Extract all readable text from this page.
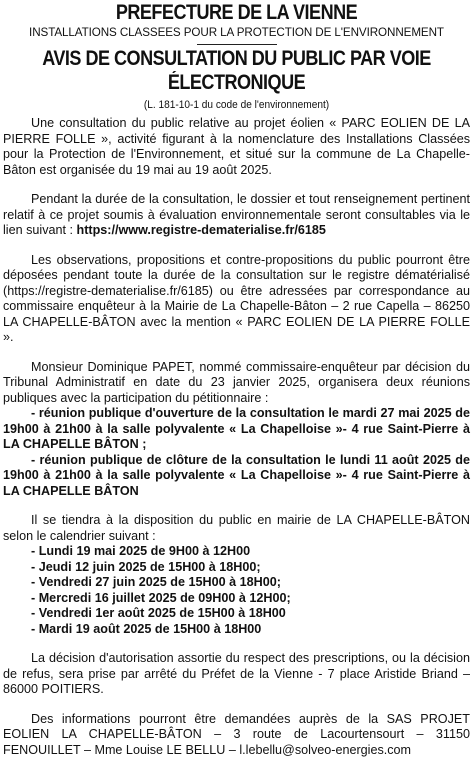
PREFECTURE DE LA VIENNE
INSTALLATIONS CLASSEES POUR LA PROTECTION DE L'ENVIRONNEMENT
AVIS DE CONSULTATION DU PUBLIC PAR VOIE
ÉLECTRONIQUE
(L. 181-10-1 du code de l'environnement)

Une consultation du public relative au projet éolien « PARC EOLIEN DE LA PIERRE FOLLE », activité figurant à la nomenclature des Installations Classées pour la Protection de l'Environnement, et situé sur la commune de La Chapelle-Bâton est organisée du 19 mai au 19 août 2025.

Pendant la durée de la consultation, le dossier et tout renseignement pertinent relatif à ce projet soumis à évaluation environnementale seront consultables via le lien suivant : https://www.registre-dematerialise.fr/6185

Les observations, propositions et contre-propositions du public pourront être déposées pendant toute la durée de la consultation sur le registre dématérialisé (https://registre-dematerialise.fr/6185) ou être adressées par correspondance au commissaire enquêteur à la Mairie de La Chapelle-Bâton – 2 rue Capella – 86250 LA CHAPELLE-BÂTON avec la mention « PARC EOLIEN DE LA PIERRE FOLLE ».

Monsieur Dominique PAPET, nommé commissaire-enquêteur par décision du Tribunal Administratif en date du 23 janvier 2025, organisera deux réunions publiques avec la participation du pétitionnaire :

- réunion publique d'ouverture de la consultation le mardi 27 mai 2025 de 19h00 à 21h00 à la salle polyvalente « La Chapelloise »- 4 rue Saint-Pierre à LA CHAPELLE BÂTON ;

- réunion publique de clôture de la consultation le lundi 11 août 2025 de 19h00 à 21h00 à la salle polyvalente « La Chapelloise »- 4 rue Saint-Pierre à LA CHAPELLE BÂTON

Il se tiendra à la disposition du public en mairie de LA CHAPELLE-BÂTON selon le calendrier suivant :

- Lundi 19 mai 2025 de 9H00 à 12H00
- Jeudi 12 juin 2025 de 15H00 à 18H00;
- Vendredi 27 juin 2025 de 15H00 à 18H00;
- Mercredi 16 juillet 2025 de 09H00 à 12H00;
- Vendredi 1er août 2025 de 15H00 à 18H00
- Mardi 19 août 2025 de 15H00 à 18H00

La décision d'autorisation assortie du respect des prescriptions, ou la décision de refus, sera prise par arrêté du Préfet de la Vienne - 7 place Aristide Briand – 86000 POITIERS.

Des informations pourront être demandées auprès de la SAS PROJET EOLIEN LA CHAPELLE-BÂTON – 3 route de Lacourtensourt – 31150 FENOUILLET – Mme Louise LE BELLU – l.lebellu@solveo-energies.com
